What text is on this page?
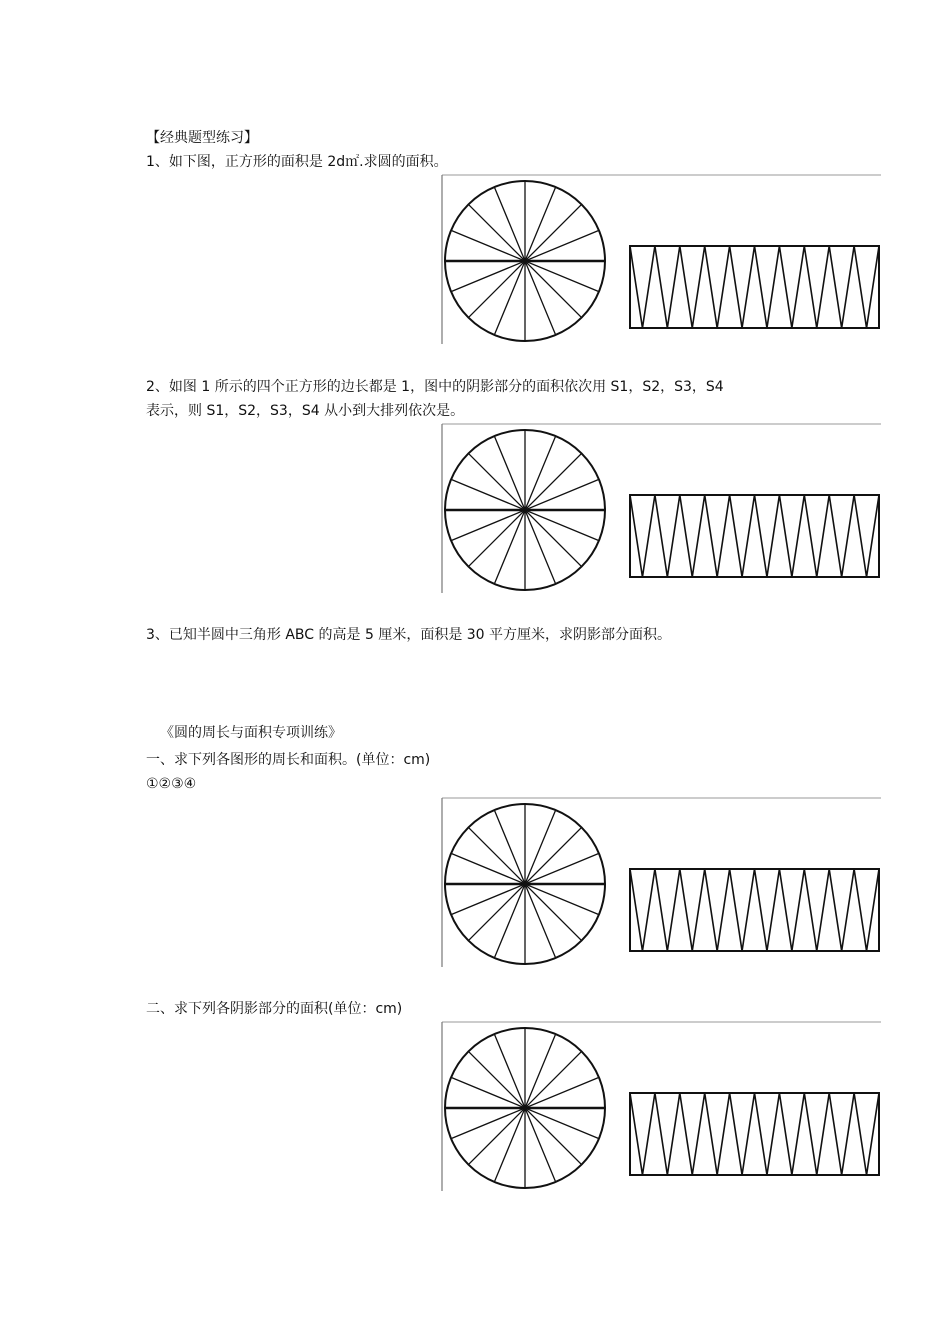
【经典题型练习】
1、如下图，正方形的面积是 2d㎡.求圆的面积。
2、如图 1 所示的四个正方形的边长都是 1，图中的阴影部分的面积依次用 S1，S2，S3，S4
表示，则 S1，S2，S3，S4 从小到大排列依次是。
3、已知半圆中三角形 ABC 的高是 5 厘米，面积是 30 平方厘米，求阴影部分面积。
《圆的周长与面积专项训练》
一、求下列各图形的周长和面积。(单位：cm)
①②③④
二、求下列各阴影部分的面积(单位：cm)
